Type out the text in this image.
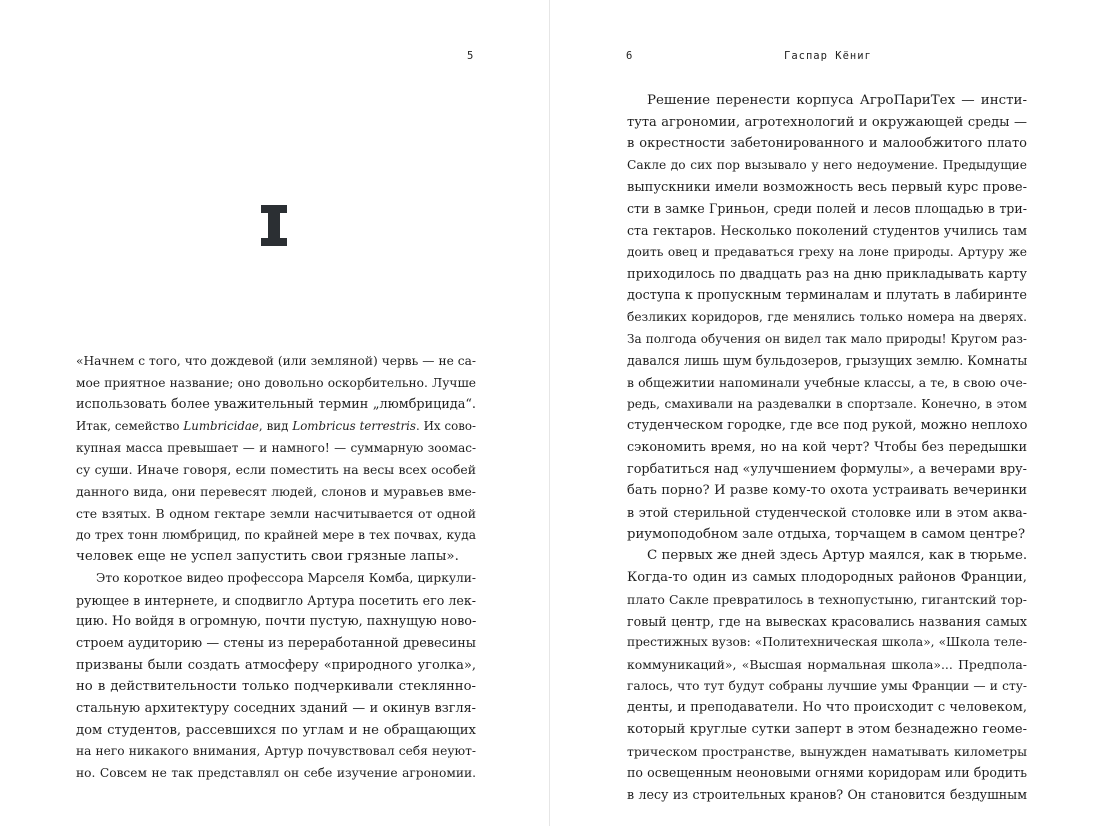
5
«Начнем с того, что дождевой (или земляной) червь — не са-
мое приятное название; оно довольно оскорбительно. Лучше
использовать более уважительный термин „люмбрицида“.
Итак, семейство Lumbricidae, вид Lombricus terrestris. Их сово-
купная масса превышает — и намного! — суммарную зоомас-
су суши. Иначе говоря, если поместить на весы всех особей
данного вида, они перевесят людей, слонов и муравьев вме-
сте взятых. В одном гектаре земли насчитывается от одной
до трех тонн люмбрицид, по крайней мере в тех почвах, куда
человек еще не успел запустить свои грязные лапы».
Это короткое видео профессора Марселя Комба, циркули-
рующее в интернете, и сподвигло Артура посетить его лек-
цию. Но войдя в огромную, почти пустую, пахнущую ново-
строем аудиторию — стены из переработанной древесины
призваны были создать атмосферу «природного уголка»,
но в действительности только подчеркивали стеклянно-
стальную архитектуру соседних зданий — и окинув взгля-
дом студентов, рассевшихся по углам и не обращающих
на него никакого внимания, Артур почувствовал себя неуют-
но. Совсем не так представлял он себе изучение агрономии.
6	Гаспар Кёниг
Решение перенести корпуса АгроПариТех — инсти-
тута агрономии, агротехнологий и окружающей среды —
в окрестности забетонированного и малообжитого плато
Сакле до сих пор вызывало у него недоумение. Предыдущие
выпускники имели возможность весь первый курс прове-
сти в замке Гриньон, среди полей и лесов площадью в три-
ста гектаров. Несколько поколений студентов учились там
доить овец и предаваться греху на лоне природы. Артуру же
приходилось по двадцать раз на дню прикладывать карту
доступа к пропускным терминалам и плутать в лабиринте
безликих коридоров, где менялись только номера на дверях.
За полгода обучения он видел так мало природы! Кругом раз-
давался лишь шум бульдозеров, грызущих землю. Комнаты
в общежитии напоминали учебные классы, а те, в свою оче-
редь, смахивали на раздевалки в спортзале. Конечно, в этом
студенческом городке, где все под рукой, можно неплохо
сэкономить время, но на кой черт? Чтобы без передышки
горбатиться над «улучшением формулы», а вечерами вру-
бать порно? И разве кому-то охота устраивать вечеринки
в этой стерильной студенческой столовке или в этом аква-
риумоподобном зале отдыха, торчащем в самом центре?
С первых же дней здесь Артур маялся, как в тюрьме.
Когда-то один из самых плодородных районов Франции,
плато Сакле превратилось в технопустыню, гигантский тор-
говый центр, где на вывесках красовались названия самых
престижных вузов: «Политехническая школа», «Школа теле-
коммуникаций», «Высшая нормальная школа»... Предпола-
галось, что тут будут собраны лучшие умы Франции — и сту-
денты, и преподаватели. Но что происходит с человеком,
который круглые сутки заперт в этом безнадежно геоме-
трическом пространстве, вынужден наматывать километры
по освещенным неоновыми огнями коридорам или бродить
в лесу из строительных кранов? Он становится бездушным
